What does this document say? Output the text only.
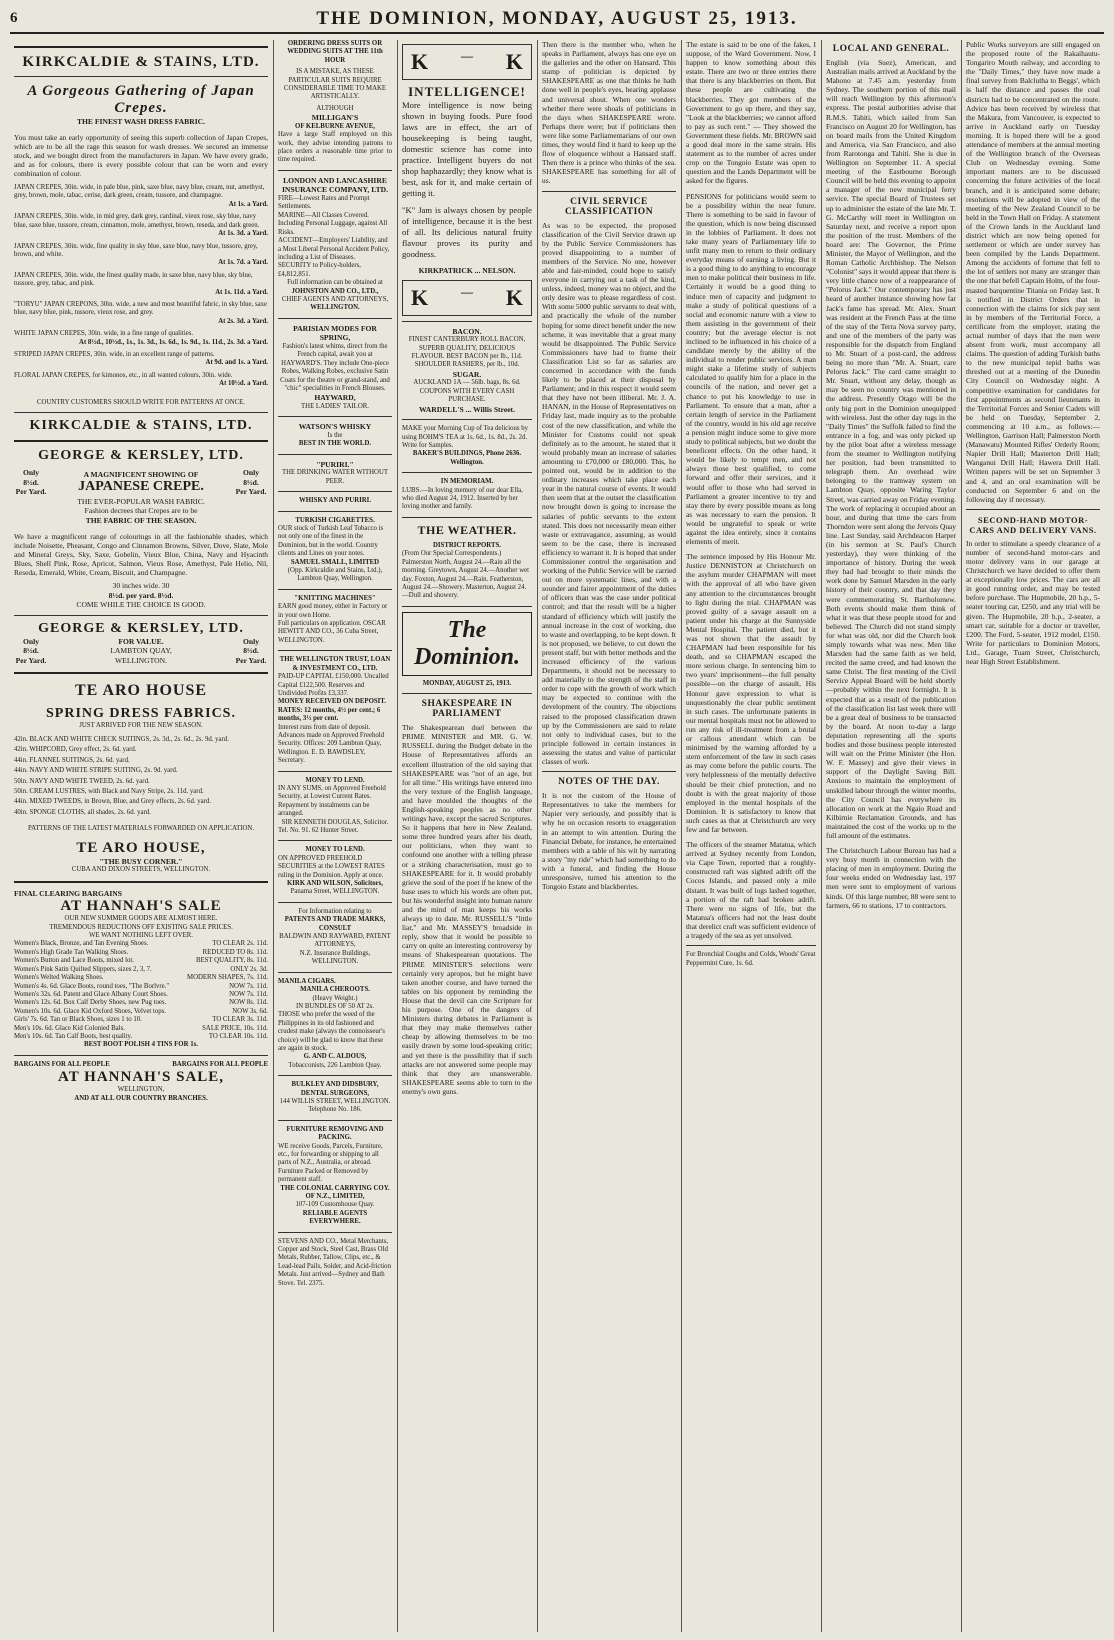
6	THE DOMINION, MONDAY, AUGUST 25, 1913.
KIRKCALDIE & STAINS, LTD.
A Gorgeous Gathering of Japan Crepes.
THE FINEST WASH DRESS FABRIC.
You must take an early opportunity of seeing this superb collection of Japan Crepes, which are to be all the rage this season for wash dresses. We secured an immense stock, and we bought direct from the manufacturers in Japan. We have every grade, and as for colours, there is every possible colour that can be worn and every combination of colour.
JAPAN CREPES, 30in. wide, in pale blue, pink, saxe blue, navy blue, cream, nut, amethyst, grey, brown, mole, tabac, cerise, dark green, cream, tussore, and champagne.
At 1s. a Yard.
JAPAN CREPES, 30in. wide, in mid grey, dark grey, cardinal, vieux rose, sky blue, navy blue, saxe blue, tussore, cream, cinnamon, mole, amethyst, brown, reseda, and dark green.
At 1s. 3d. a Yard.
JAPAN CREPES, 30in. wide, fine quality in sky blue, saxe blue, navy blue, tussore, grey, brown, and white.
At 1s. 7d. a Yard.
JAPAN CREPES, 30in. wide, the finest quality made, in saxe blue, navy blue, sky blue, tussore, grey, tabac, and pink.
At 1s. 11d. a Yard.
"TORYU" JAPAN CREPONS, 30in. wide, a new and most beautiful fabric, in sky blue, saxe blue, navy blue, pink, tussore, vieux rose, and grey.
At 2s. 3d. a Yard.
WHITE JAPAN CREPES, 30in. wide, in a fine range of qualities.
At 8½d., 10½d., 1s., 1s. 3d., 1s. 6d., 1s. 9d., 1s. 11d., 2s. 3d. a Yard.
STRIPED JAPAN CREPES, 30in. wide, in an excellent range of patterns.
At 9d. and 1s. a Yard.
FLORAL JAPAN CREPES, for kimonos, etc., in all wanted colours, 30in. wide.
At 10½d. a Yard.
COUNTRY CUSTOMERS SHOULD WRITE FOR PATTERNS AT ONCE.
KIRKCALDIE & STAINS, LTD.
GEORGE & KERSLEY, LTD.
Only
8½d.
Per Yard.
A MAGNIFICENT SHOWING OF
JAPANESE CREPE.
Only
8½d.
Per Yard.
THE EVER-POPULAR WASH FABRIC.
Fashion decrees that Crepes are to be
THE FABRIC OF THE SEASON.
We have a magnificent range of colourings in all the fashionable shades, which include Noisette, Pheasant, Congo and Cinnamon Browns, Silver, Dove, Slate, Mole and Mineral Greys, Sky, Saxe, Gobelin, Vieux Blue, China, Navy and Hyacinth Blues, Shell Pink, Rose, Apricot, Salmon, Vieux Rose, Amethyst, Pale Helio, Nil, Reseda, Emerald, White, Cream, Biscuit, and Champagne.
30 inches wide. 30
8½d. per yard. 8½d.
COME WHILE THE CHOICE IS GOOD.
GEORGE & KERSLEY, LTD.
Only
8½d.
Per Yard.
FOR VALUE.
LAMBTON QUAY,
WELLINGTON.
Only
8½d.
Per Yard.
TE ARO HOUSE
SPRING DRESS FABRICS.
JUST ARRIVED FOR THE NEW SEASON.
42in. BLACK AND WHITE CHECK SUITINGS, 2s. 3d., 2s. 6d., 2s. 9d. yard.
42in. WHIPCORD, Grey effect, 2s. 6d. yard.
44in. FLANNEL SUITINGS, 2s. 6d. yard.
44in. NAVY AND WHITE STRIPE SUITING, 2s. 9d. yard.
50in. NAVY AND WHITE TWEED, 2s. 6d. yard.
50in. CREAM LUSTRES, with Black and Navy Stripe, 2s. 11d. yard.
44in. MIXED TWEEDS, in Brown, Blue, and Grey effects, 2s. 6d. yard.
40in. SPONGE CLOTHS, all shades, 2s. 6d. yard.
PATTERNS OF THE LATEST MATERIALS FORWARDED ON APPLICATION.
TE ARO HOUSE,
"THE BUSY CORNER."
CUBA AND DIXON STREETS, WELLINGTON.
FINAL CLEARING BARGAINS
AT HANNAH'S SALE
OUR NEW SUMMER GOODS ARE ALMOST HERE.
TREMENDOUS REDUCTIONS OFF EXISTING SALE PRICES.
WE WANT NOTHING LEFT OVER.
Women's Black, Bronze, and Tan Evening Shoes.	TO CLEAR 2s. 11d.
Women's High Grade Tan Walking Shoes.	REDUCED TO 8s. 11d.
Women's Button and Lace Boots, mixed lot.	BEST QUALITY, 8s. 11d.
Women's Pink Satin Quilted Slippers, sizes 2, 3, 7.	ONLY 2s. 3d.
Women's Welted Walking Shoes.	MODERN SHAPES, 7s. 11d.
Women's 4s. 6d. Glace Boots, round toes, "The Borlvre."	NOW 7s. 11d.
Women's 32s. 6d. Patent and Glace Albany Court Shoes.	NOW 7s. 11d.
Women's 12s. 6d. Box Calf Derby Shoes, new Pug toes.	NOW 8s. 11d.
Women's 10s. 6d. Glace Kid Oxford Shoes, Velvet tops.	NOW 3s. 6d.
Girls' 7s. 6d. Tan or Black Shoes, sizes 1 to 10.	TO CLEAR 3s. 11d.
Men's 10s. 6d. Glace Kid Colonied Bals.	SALE PRICE, 10s. 11d.
Men's 10s. 6d. Tan Calf Boots, best quality.	TO CLEAR 10s. 11d.
BEST BOOT POLISH 4 TINS FOR 1s.
BARGAINS FOR ALL PEOPLE	BARGAINS FOR ALL PEOPLE
AT HANNAH'S SALE,
WELLINGTON,
AND AT ALL OUR COUNTRY BRANCHES.
ORDERING DRESS SUITS OR WEDDING SUITS AT THE 11th HOUR
IS A MISTAKE, AS THESE PARTICULAR SUITS REQUIRE CONSIDERABLE TIME TO MAKE ARTISTICALLY.
ALTHOUGH
MILLIGAN'S
OF KELBURNE AVENUE,
Have a large Staff employed on this work, they advise intending patrons to place orders a reasonable time prior to time required.
LONDON AND LANCASHIRE INSURANCE COMPANY, LTD.
FIRE—Lowest Rates and Prompt Settlements.
MARINE—All Classes Covered. Including Personal Luggage, against All Risks.
ACCIDENT—Employers' Liability, and a Most Liberal Personal Accident Policy, including a List of Diseases.
SECURITY to Policy-holders, £4,812,851.
Full information can be obtained at
JOHNSTON AND CO., LTD.,
CHIEF AGENTS AND ATTORNEYS,
WELLINGTON.
PARISIAN MODES FOR SPRING,
Fashion's latest whims, direct from the French capital, await you at HAYWARD'S. They include One-piece Robes, Walking Robes, exclusive Satin Coats for the theatre or grand-stand, and "chic" specialities in French Blouses.
HAYWARD,
THE LADIES' TAILOR.
WATSON'S WHISKY
Is the
BEST IN THE WORLD.
"PURIRI."
THE DRINKING WATER WITHOUT PEER.
WHISKY AND PURIRI.
TURKISH CIGARETTES.
OUR stock of Turkish Leaf Tobacco is not only one of the finest in the Dominion, but in the world. Country clients and Lines on your notes.
SAMUEL SMALL, LIMITED
(Opp. Kirkcaldie and Stains, Ltd.), Lambton Quay, Wellington.
"KNITTING MACHINES"
EARN good money, either in Factory or in your own Home.
Full particulars on application. OSCAR HEWITT AND CO., 36 Cuba Street, WELLINGTON.
THE WELLINGTON TRUST, LOAN & INVESTMENT CO., LTD.
PAID-UP CAPITAL £150,000. Uncalled Capital £122,500. Reserves and Undivided Profits £3,337.
MONEY RECEIVED ON DEPOSIT. RATES: 12 months, 4½ per cent.; 6 months, 3½ per cent.
Interest runs from date of deposit. Advances made on Approved Freehold Security. Offices: 209 Lambton Quay, Wellington. E. D. BAWDSLEY, Secretary.
MONEY TO LEND.
IN ANY SUMS, on Approved Freehold Security, at Lowest Current Rates. Repayment by instalments can be arranged.
SIR KENNETH DOUGLAS, Solicitor.
Tel. No. 91. 62 Hunter Street.
MONEY TO LEND.
ON APPROVED FREEHOLD SECURITIES at the LOWEST RATES ruling in the Dominion. Apply at once.
KIRK AND WILSON, Solicitors,
Panama Street, WELLINGTON.
For Information relating to
PATENTS AND TRADE MARKS, CONSULT
BALDWIN AND RAYWARD, PATENT ATTORNEYS,
N.Z. Insurance Buildings, WELLINGTON.
MANILA CIGARS.
MANILA CHEROOTS.
(Heavy Weight.)
IN BUNDLES OF 50 AT 2s.
THOSE who prefer the weed of the Philippines in its old fashioned and crudest make (always the connoisseur's choice) will be glad to know that these are again in stock.
G. AND C. ALDOUS,
Tobacconists, 226 Lambton Quay.
BULKLEY AND DIDSBURY, DENTAL SURGEONS,
144 WILLIS STREET, WELLINGTON. Telephone No. 186.
FURNITURE REMOVING AND PACKING.
WE receive Goods, Parcels, Furniture, etc., for forwarding or shipping to all parts of N.Z., Australia, or abroad. Furniture Packed or Removed by permanent staff.
THE COLONIAL CARRYING COY. OF N.Z., LIMITED,
107-109 Customhouse Quay.
RELIABLE AGENTS EVERYWHERE.
STEVENS AND CO., Metal Merchants, Copper and Stock, Steel Cast, Brass Old Metals, Rubber, Tallow, Clips, etc., & Lead-lead Pails, Solder, and Acid-friction Metals. Just arrived—Sydney and Bath Stove. Tel. 2375.
K	— K
INTELLIGENCE!
More intelligence is now being shown in buying foods. Pure food laws are in effect, the art of housekeeping is being taught, domestic science has come into practice. Intelligent buyers do not shop haphazardly; they know what is best, ask for it, and make certain of getting it.
"K" Jam is always chosen by people of intelligence, because it is the best of all. Its delicious natural fruity flavour proves its purity and goodness.
KIRKPATRICK ... NELSON.
K	— K
BACON.
FINEST CANTERBURY ROLL BACON, SUPERB QUALITY, DELICIOUS FLAVOUR. BEST BACON per lb., 11d. SHOULDER RASHERS, per lb., 10d.
SUGAR.
AUCKLAND 1A — 56lb. bags, 8s. 6d. COUPONS WITH EVERY CASH PURCHASE.
WARDELL'S ... Willis Street.
MAKE your Morning Cup of Tea delicious by using BOHM'S TEA at 1s. 6d., 1s. 8d., 2s. 2d. Write for Samples.
BAKER'S BUILDINGS, Phone 2636. Wellington.
IN MEMORIAM.
LUBS.—In loving memory of our dear Ella, who died August 24, 1912. Inserted by her loving mother and family.
THE WEATHER.
DISTRICT REPORTS.
(From Our Special Correspondents.) Palmerston North, August 24.—Rain all the morning. Greytown, August 24.—Another wet day. Foxton, August 24.—Rain. Featherston, August 24.—Showery. Masterton, August 24.—Dull and showery.
The Dominion.
MONDAY, AUGUST 25, 1913.
SHAKESPEARE IN PARLIAMENT
The Shakespearean duel between the PRIME MINISTER and MR. G. W. RUSSELL during the Budget debate in the House of Representatives affords an excellent illustration of the old saying that SHAKESPEARE was "not of an age, but for all time." His writings have entered into the very texture of the English language, and have moulded the thoughts of the English-speaking peoples as no other writings have, except the sacred Scriptures. So it happens that here in New Zealand, some three hundred years after his death, our politicians, when they want to confound one another with a telling phrase or a striking characterisation, must go to SHAKESPEARE for it. It would probably grieve the soul of the poet if he knew of the base uses to which his words are often put, but his wonderful insight into human nature and the mind of man keeps his works always up to date. Mr. RUSSELL'S "little liar," and Mr. MASSEY'S broadside in reply, show that it would be possible to carry on quite an interesting controversy by means of Shakespearean quotations. The PRIME MINISTER'S selections were certainly very apropos, but he might have taken another course, and have turned the tables on his opponent by reminding the House that the devil can cite Scripture for his purpose. One of the dangers of Ministers during debates in Parliament is that they may make themselves rather cheap by allowing themselves to be too easily drawn by some loud-speaking critic; and yet there is the possibility that if such attacks are not answered some people may think that they are unanswerable. SHAKESPEARE seems able to turn to the enemy's own guns.
Then there is the member who, when he speaks in Parliament, always has one eye on the galleries and the other on Hansard. This stamp of politician is depicted by SHAKESPEARE as one that thinks he hath done well in people's eyes, hearing applause and universal shout. When one wonders whether there were shoals of politicians in the days when SHAKESPEARE wrote. Perhaps there were; but if politicians then were like some Parliamentarians of our own times, they would find it hard to keep up the flow of eloquence without a Hansard staff. Then there is a prince who thinks of the sea. SHAKESPEARE has something for all of us.
CIVIL SERVICE CLASSIFICATION
As was to be expected, the proposed classification of the Civil Service drawn up by the Public Service Commissioners has proved disappointing to a number of members of the Service. No one, however able and fair-minded, could hope to satisfy everyone in carrying out a task of the kind, unless, indeed, money was no object, and the only desire was to please regardless of cost. With some 5000 public servants to deal with, and practically the whole of the number hoping for some direct benefit under the new scheme, it was inevitable that a great many would be disappointed. The Public Service Commissioners have had to frame their Classification List so far as salaries are concerned in accordance with the funds likely to be placed at their disposal by Parliament; and in this respect it would seem that they have not been illiberal. Mr. J. A. HANAN, in the House of Representatives on Friday last, made inquiry as to the probable cost of the new classification, and while the Minister for Customs could not speak definitely as to the amount, he stated that it would probably mean an increase of salaries amounting to £70,000 or £80,000. This, he pointed out, would be in addition to the ordinary increases which take place each year in the natural course of events. It would then seem that at the outset the classification now brought down is going to increase the salaries of public servants to the extent stated. This does not necessarily mean either waste or extravagance, assuming, as would seem to be the case, there is increased efficiency to warrant it. It is hoped that under Commissioner control the organisation and working of the Public Service will be carried out on more systematic lines, and with a sounder and fairer appointment of the duties of officers than was the case under political control; and that the result will be a higher standard of efficiency which will justify the annual increase in the cost of working, due to waste and overlapping, to be kept down. It is not proposed, we believe, to cut down the present staff, but with better methods and the increased efficiency of the various Departments, it should not be necessary to add materially to the strength of the staff in order to cope with the growth of work which may be expected to continue with the development of the country. The objections raised to the proposed classification drawn up by the Commissioners are said to relate not only to individual cases, but to the principle followed in certain instances in assessing the status and value of particular classes of work.
NOTES OF THE DAY.
It is not the custom of the House of Representatives to take the members for Napier very seriously, and possibly that is why he on occasion resorts to exaggeration in an attempt to win attention. During the Financial Debate, for instance, he entertained members with a table of his wit by narrating a story "my ride" which had something to do with a funeral, and finding the House unresponsive, turned his attention to the Tongoio Estate and blackberries.
The estate is said to be one of the fakes, I suppose, of the Ward Government. Now, I happen to know something about this estate. There are two or three entries there that there is any blackberries on them. But these people are cultivating the blackberries. They got members of the Government to go up there, and they say, "Look at the blackberries; we cannot afford to pay as such rent." — They showed the Government these fields. Mr. BROWN said a good deal more in the same strain. His statement as to the number of acres under crop on the Tongoio Estate was open to question and the Lands Department will be asked for the figures.
PENSIONS for politicians would seem to be a possibility within the near future. There is something to be said in favour of the question, which is now being discussed in the lobbies of Parliament. It does not take many years of Parliamentary life to unfit many men to return to their ordinary everyday means of earning a living. But it is a good thing to do anything to encourage men to make political their business in life. Certainly it would be a good thing to induce men of capacity and judgment to make a study of political questions of a social and economic nature with a view to them assisting in the government of their country; but the average elector is not inclined to be influenced in his choice of a candidate merely by the ability of the individual to render public services. A man might stake a lifetime study of subjects calculated to qualify him for a place in the councils of the nation, and never get a chance to put his knowledge to use in Parliament. To ensure that a man, after a certain length of service in the Parliament of the country, would in his old age receive a pension might induce some to give more study to political subjects, but we doubt the beneficent effects. On the other hand, it would be likely to tempt men, and not always those best qualified, to come forward and offer their services, and it would offer to those who had served in Parliament a greater incentive to try and stay there by every possible means as long as was necessary to earn the pension. It would be ungrateful to speak or write against the idea entirely, since it contains elements of merit.
The sentence imposed by His Honour Mr. Justice DENNISTON at Christchurch on the asylum murder CHAPMAN will meet with the approval of all who have given any attention to the circumstances brought to light during the trial. CHAPMAN was proved guilty of a savage assault on a patient under his charge at the Sunnyside Mental Hospital. The patient died, but it was not shown that the assault by CHAPMAN had been responsible for his death, and so CHAPMAN escaped the more serious charge. In sentencing him to two years' imprisonment—the full penalty possible—on the charge of assault, His Honour gave expression to what is unquestionably the clear public sentiment in such cases. The unfortunate patients in our mental hospitals must not be allowed to run any risk of ill-treatment from a brutal or callous attendant which can be minimised by the warning afforded by a stern enforcement of the law in such cases as may come before the public courts. The very helplessness of the mentally defective should be their chief protection, and no doubt is with the great majority of those employed in the mental hospitals of the Dominion. It is satisfactory to know that such cases as that at Christchurch are very few and far between.
The officers of the steamer Matatua, which arrived at Sydney recently from London, via Cape Town, reported that a roughly-constructed raft was sighted adrift off the Cocos Islands, and passed only a mile distant. It was built of logs lashed together, a portion of the raft had broken adrift. There were no signs of life, but the Matatua's officers had not the least doubt that derelict craft was sufficient evidence of a tragedy of the sea as yet unsolved.
For Bronchial Coughs and Colds, Woods' Great Peppermint Cure, 1s. 6d.
LOCAL AND GENERAL.
English (via Suez), American, and Australian mails arrived at Auckland by the Mahono at 7.45 a.m. yesterday from Sydney. The southern portion of this mail will reach Wellington by this afternoon's express. The postal authorities advise that R.M.S. Tahiti, which sailed from San Francisco on August 20 for Wellington, has on board mails from the United Kingdom and America, via San Francisco, and also from Rarotonga and Tahiti. She is due in Wellington on September 11. A special meeting of the Eastbourne Borough Council will be held this evening to appoint a manager of the new municipal ferry service. The special Board of Trustees set up to administer the estate of the late Mr. T. G. McCarthy will meet in Wellington on Saturday next, and receive a report upon the position of the trust. Members of the board are: The Governor, the Prime Minister, the Mayor of Wellington, and the Roman Catholic Archbishop. The Nelson "Colonist" says it would appear that there is very little chance now of a reappearance of "Pelorus Jack." Our contemporary has just heard of another instance showing how far Jack's fame has spread. Mr. Alex. Stuart was resident at the French Pass at the time of the stay of the Terra Nova survey party, and one of the members of the party was responsible for the dispatch from England to Mr. Stuart of a post-card, the address being no more than "Mr. A. Stuart, care Pelorus Jack." The card came straight to Mr. Stuart, without any delay, though as may be seen no country was mentioned in the address. Presently Otago will be the only big port in the Dominion unequipped with wireless. Just the other day tugs in the "Daily Times" the Suffolk failed to find the entrance in a fog, and was only picked up by the pilot boat after a wireless message from the steamer to Wellington notifying her position, had been transmitted to telegraph them. An overhead wire belonging to the tramway system on Lambton Quay, opposite Waring Taylor Street, was carried away on Friday evening. The work of replacing it occupied about an hour, and during that time the cars from Thorndon were sent along the Jervois Quay line. Last Sunday, said Archdeacon Harper (in his sermon at St. Paul's Church yesterday), they were thinking of the importance of history. During the week they had had brought to their minds the work done by Samuel Marsden in the early history of their country, and that day they were commemorating St. Bartholomew. Both events should make them think of what it was that these people stood for and believed. The Church did not stand simply for what was old, nor did the Church look simply towards what was new. Men like Marsden had the same faith as we held, recited the same creed, and had known the same Christ. The first meeting of the Civil Service Appeal Board will be held shortly—probably within the next fortnight. It is expected that as a result of the publication of the classification list last week there will be a great deal of business to be transacted by the board. At noon to-day a large deputation representing all the sports bodies and those business people interested will wait on the Prime Minister (the Hon. W. F. Massey) and give their views in support of the Daylight Saving Bill. Anxious to maintain the employment of unskilled labour through the winter months, the City Council has everywhere its allocation on work at the Ngaio Road and Kilbirnie Reclamation Grounds, and has maintained the cost of the works up to the full amount of the estimates.
The Christchurch Labour Bureau has had a very busy month in connection with the placing of men in employment. During the four weeks ended on Wednesday last, 197 men were sent to employment of various kinds. Of this large number, 88 were sent to farmers, 66 to stations, 17 to contractors.
Public Works surveyors are still engaged on the proposed route of the Rakaihautu-Tongariro Mouth railway, and according to the "Daily Times," they have now made a final survey from Balclutha to Beggs', which is half the distance and passes the coal districts had to be concentrated on the route. Advice has been received by wireless that the Makura, from Vancouver, is expected to arrive in Auckland early on Tuesday morning. It is hoped there will be a good attendance of members at the annual meeting of the Wellington branch of the Overseas Club on Wednesday evening. Some important matters are to be discussed concerning the future activities of the local branch, and it is anticipated some debate; resolutions will be adopted in view of the meeting of the New Zealand Council to be held in the Town Hall on Friday. A statement of the Crown lands in the Auckland land district which are now being opened for settlement or which are under survey has been compiled by the Lands Department. Among the accidents of fortune that fell to the lot of settlers not many are stranger than the one that befell Captain Holm, of the four-masted barquentine Titania on Friday last. It is notified in District Orders that in connection with the claims for sick pay sent in by members of the Territorial Force, a certificate from the employer, stating the actual number of days that the men were absent from work, must accompany all claims. The question of adding Turkish baths to the new municipal tepid baths was threshed out at a meeting of the Dunedin City Council on Wednesday night. A competitive examination for candidates for first appointments as second lieutenants in the Territorial Forces and Senior Cadets will be held on Tuesday, September 2, commencing at 10 a.m., as follows:—Wellington, Garrison Hall; Palmerston North (Manawatu) Mounted Rifles' Orderly Room; Napier Drill Hall; Masterton Drill Hall; Wanganui Drill Hall; Hawera Drill Hall. Written papers will be set on September 3 and 4, and an oral examination will be conducted on September 6 and on the following day if necessary.
SECOND-HAND MOTOR-CARS AND DELIVERY VANS.
In order to stimulate a speedy clearance of a number of second-hand motor-cars and motor delivery vans in our garage at Christchurch we have decided to offer them at exceptionally low prices. The cars are all in good running order, and may be tested before purchase. The Hupmobile, 20 h.p., 5-seater touring car, £250, and any trial will be given. The Hupmobile, 20 h.p., 2-seater, a smart car, suitable for a doctor or traveller, £200. The Ford, 5-seater, 1912 model, £150. Write for particulars to Dominion Motors, Ltd., Garage, Tuam Street, Christchurch, near High Street Establishment.
